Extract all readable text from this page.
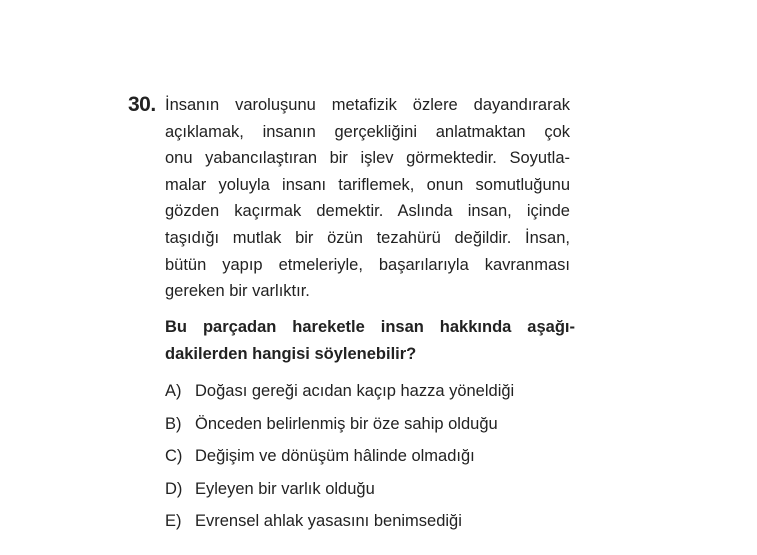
30. İnsanın varoluşunu metafizik özlere dayandırarak
açıklamak, insanın gerçekliğini anlatmaktan çok
onu yabancılaştıran bir işlev görmektedir. Soyutla-
malar yoluyla insanı tariflemek, onun somutluğunu
gözden kaçırmak demektir. Aslında insan, içinde
taşıdığı mutlak bir özün tezahürü değildir. İnsan,
bütün yapıp etmeleriyle, başarılarıyla kavranması
gereken bir varlıktır.
Bu parçadan hareketle insan hakkında aşağı-
dakilerden hangisi söylenebilir?
A) Doğası gereği acıdan kaçıp hazza yöneldiği
B) Önceden belirlenmiş bir öze sahip olduğu
C) Değişim ve dönüşüm hâlinde olmadığı
D) Eyleyen bir varlık olduğu
E) Evrensel ahlak yasasını benimsediği
